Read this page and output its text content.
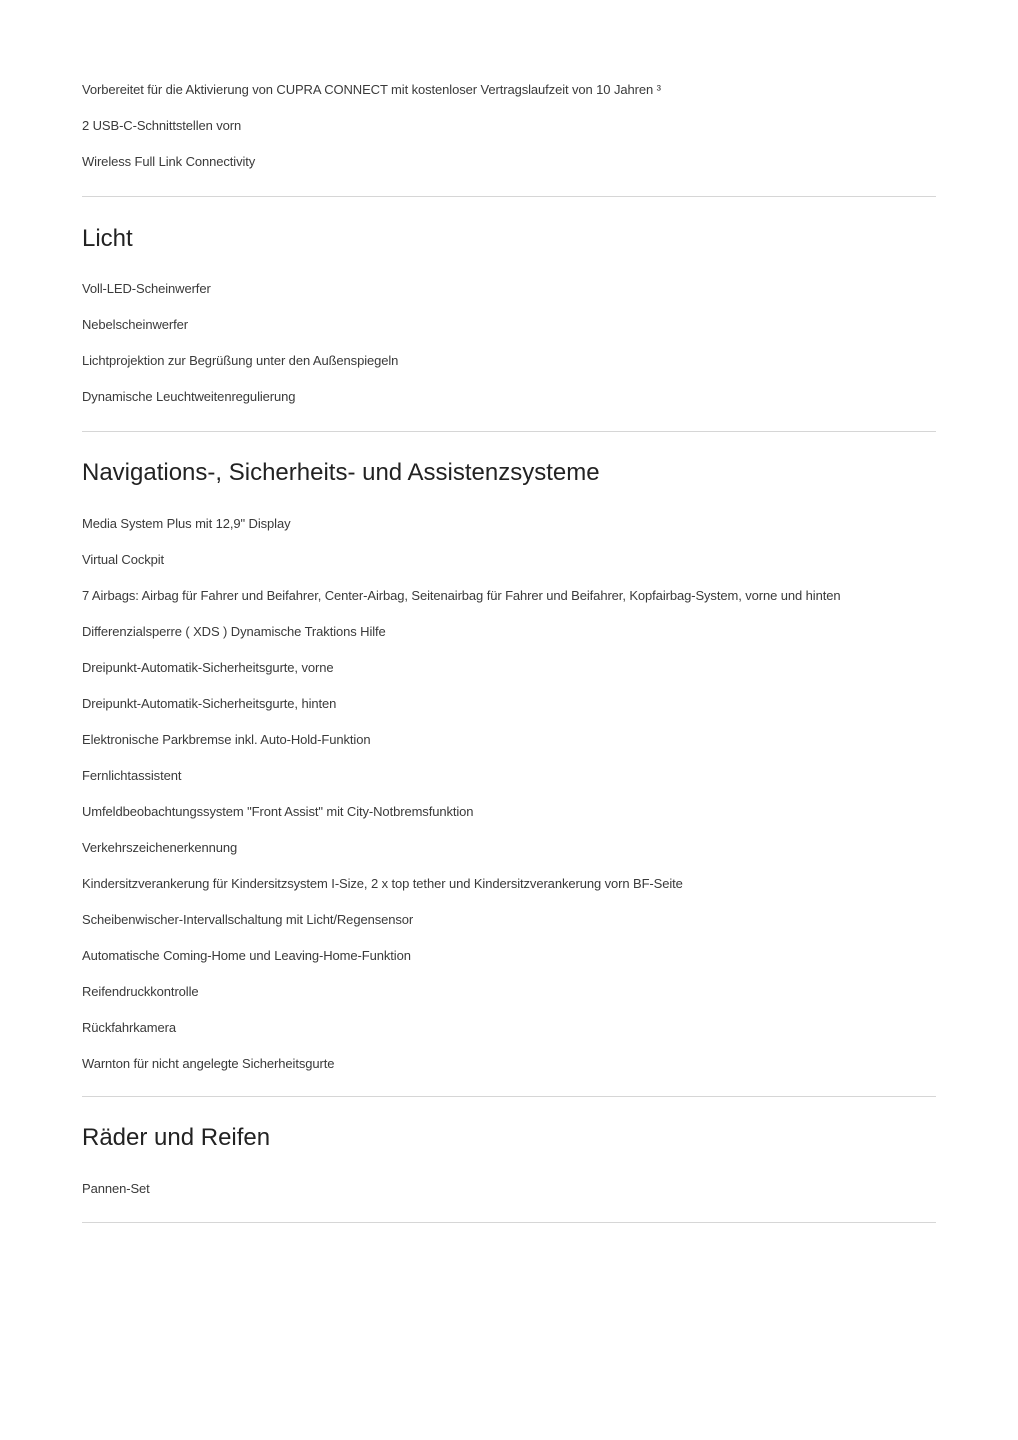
Vorbereitet für die Aktivierung von CUPRA CONNECT mit kostenloser Vertragslaufzeit von 10 Jahren ³
2 USB-C-Schnittstellen vorn
Wireless Full Link Connectivity
Licht
Voll-LED-Scheinwerfer
Nebelscheinwerfer
Lichtprojektion zur Begrüßung unter den Außenspiegeln
Dynamische Leuchtweitenregulierung
Navigations-, Sicherheits- und Assistenzsysteme
Media System Plus mit 12,9" Display
Virtual Cockpit
7 Airbags: Airbag für Fahrer und Beifahrer, Center-Airbag, Seitenairbag für Fahrer und Beifahrer, Kopfairbag-System, vorne und hinten
Differenzialsperre ( XDS ) Dynamische Traktions Hilfe
Dreipunkt-Automatik-Sicherheitsgurte, vorne
Dreipunkt-Automatik-Sicherheitsgurte, hinten
Elektronische Parkbremse inkl. Auto-Hold-Funktion
Fernlichtassistent
Umfeldbeobachtungssystem "Front Assist" mit City-Notbremsfunktion
Verkehrszeichenerkennung
Kindersitzverankerung für Kindersitzsystem I-Size, 2 x top tether und Kindersitzverankerung vorn BF-Seite
Scheibenwischer-Intervallschaltung mit Licht/Regensensor
Automatische Coming-Home und Leaving-Home-Funktion
Reifendruckkontrolle
Rückfahrkamera
Warnton für nicht angelegte Sicherheitsgurte
Räder und Reifen
Pannen-Set
